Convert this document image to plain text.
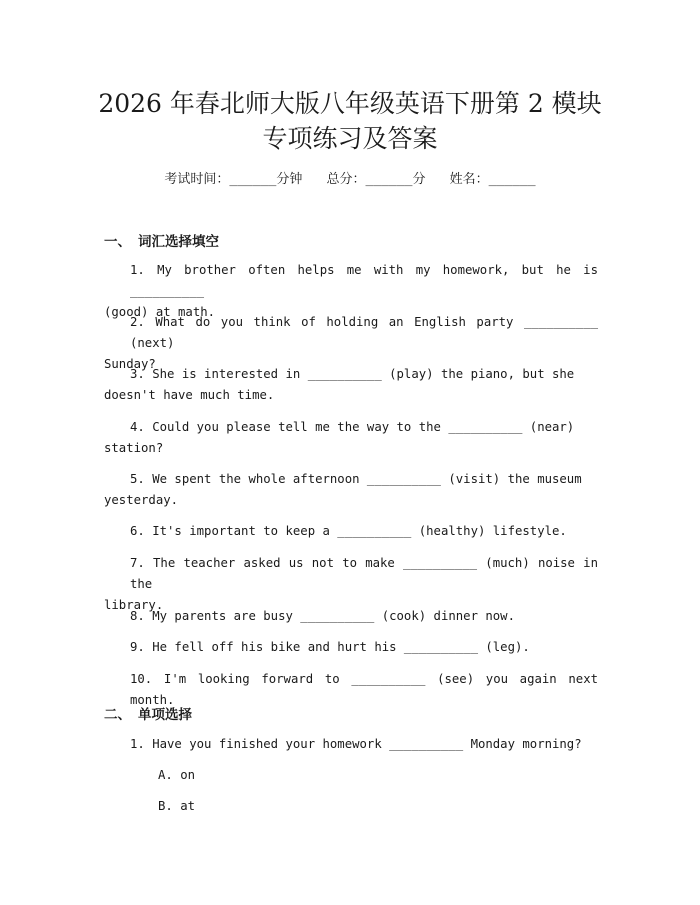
2026 年春北师大版八年级英语下册第 2 模块
专项练习及答案
考试时间：______分钟 总分：______分 姓名：______
一、 词汇选择填空
1. My brother often helps me with my homework, but he is __________
(good) at math.
2. What do you think of holding an English party __________ (next)
Sunday?
3. She is interested in __________ (play) the piano, but she
doesn't have much time.
4. Could you please tell me the way to the __________ (near)
station?
5. We spent the whole afternoon __________ (visit) the museum
yesterday.
6. It's important to keep a __________ (healthy) lifestyle.
7. The teacher asked us not to make __________ (much) noise in the
library.
8. My parents are busy __________ (cook) dinner now.
9. He fell off his bike and hurt his __________ (leg).
10. I'm looking forward to __________ (see) you again next month.
二、 单项选择
1. Have you finished your homework __________ Monday morning?
A. on
B. at
